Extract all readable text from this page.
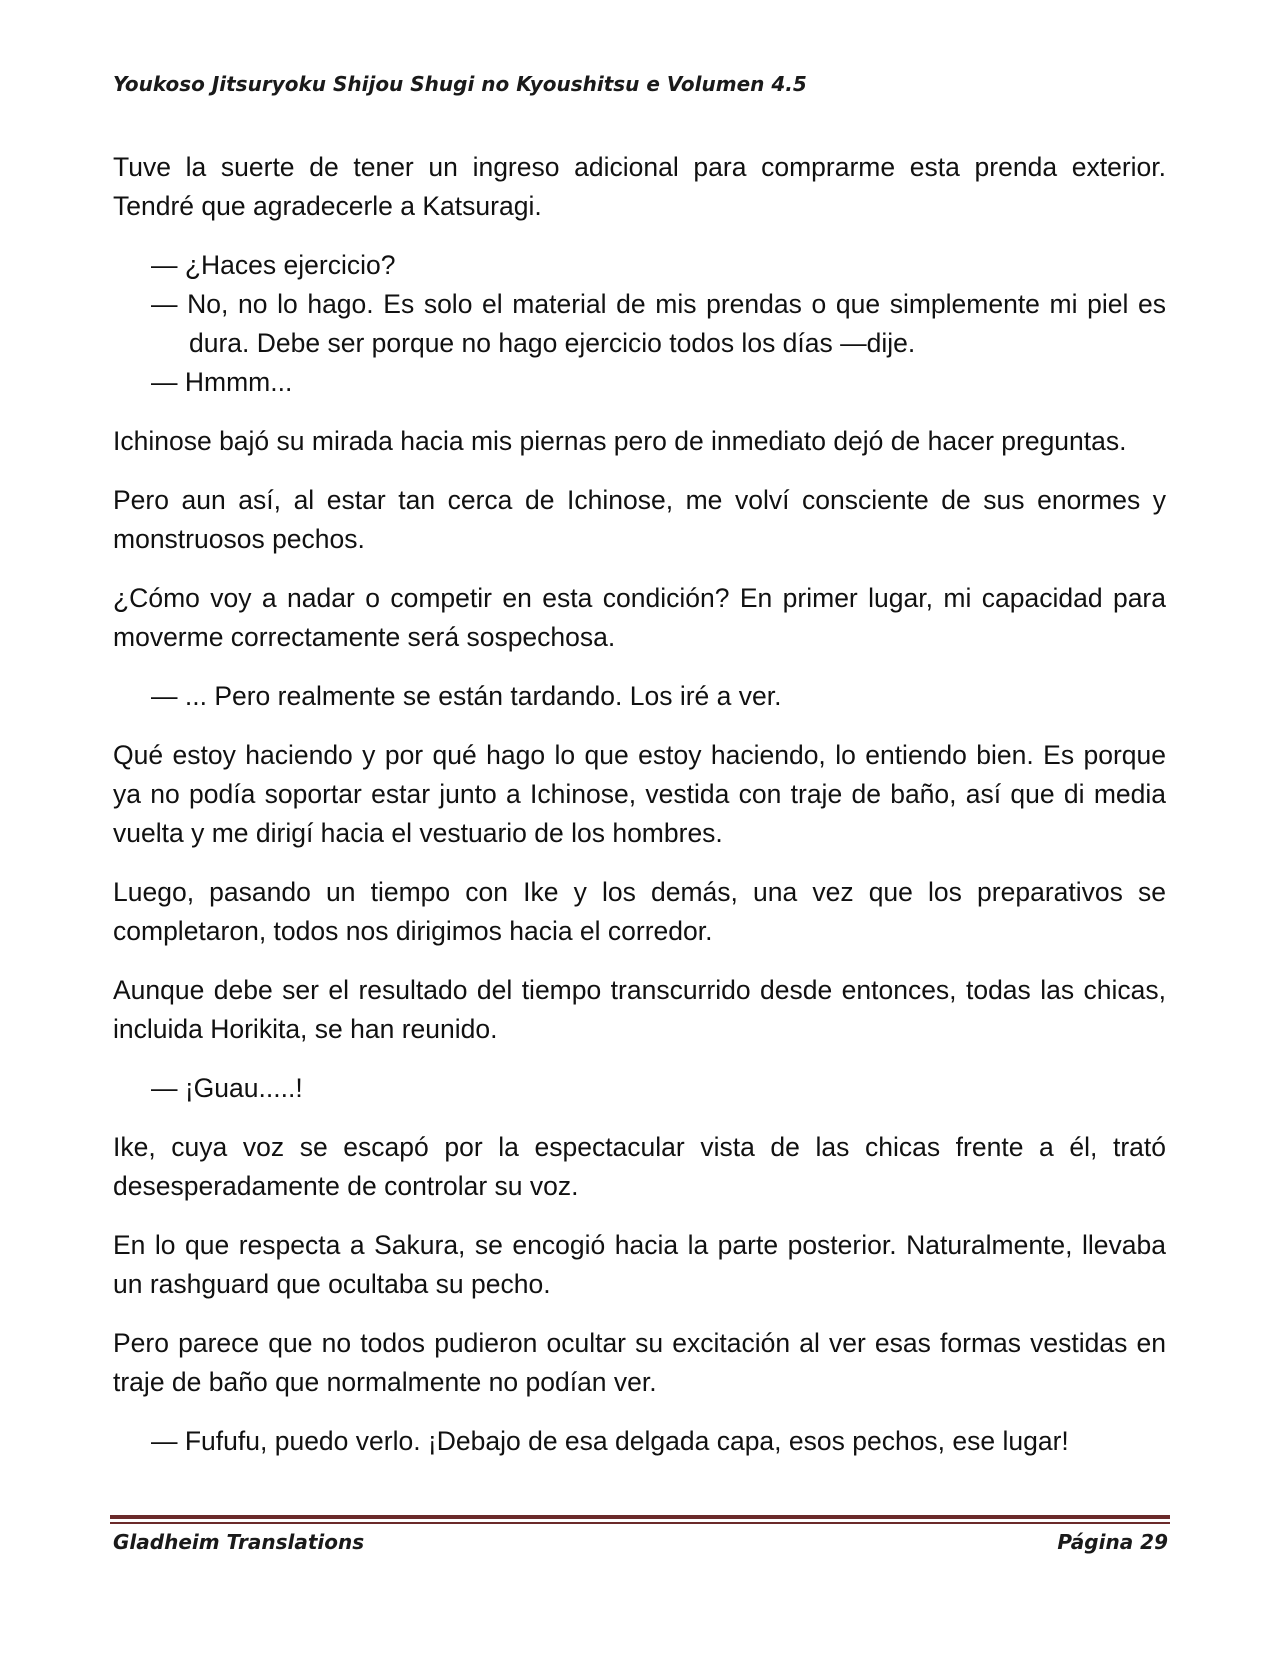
Youkoso Jitsuryoku Shijou Shugi no Kyoushitsu e Volumen 4.5

Tuve la suerte de tener un ingreso adicional para comprarme esta prenda exterior. Tendré que agradecerle a Katsuragi.

— ¿Haces ejercicio?
— No, no lo hago. Es solo el material de mis prendas o que simplemente mi piel es dura. Debe ser porque no hago ejercicio todos los días —dije.
— Hmmm...

Ichinose bajó su mirada hacia mis piernas pero de inmediato dejó de hacer preguntas.

Pero aun así, al estar tan cerca de Ichinose, me volví consciente de sus enormes y monstruosos pechos.

¿Cómo voy a nadar o competir en esta condición? En primer lugar, mi capacidad para moverme correctamente será sospechosa.

— ... Pero realmente se están tardando. Los iré a ver.

Qué estoy haciendo y por qué hago lo que estoy haciendo, lo entiendo bien. Es porque ya no podía soportar estar junto a Ichinose, vestida con traje de baño, así que di media vuelta y me dirigí hacia el vestuario de los hombres.

Luego, pasando un tiempo con Ike y los demás, una vez que los preparativos se completaron, todos nos dirigimos hacia el corredor.

Aunque debe ser el resultado del tiempo transcurrido desde entonces, todas las chicas, incluida Horikita, se han reunido.

— ¡Guau.....!

Ike, cuya voz se escapó por la espectacular vista de las chicas frente a él, trató desesperadamente de controlar su voz.

En lo que respecta a Sakura, se encogió hacia la parte posterior. Naturalmente, llevaba un rashguard que ocultaba su pecho.

Pero parece que no todos pudieron ocultar su excitación al ver esas formas vestidas en traje de baño que normalmente no podían ver.

— Fufufu, puedo verlo. ¡Debajo de esa delgada capa, esos pechos, ese lugar!
Gladheim Translations	Página 29
